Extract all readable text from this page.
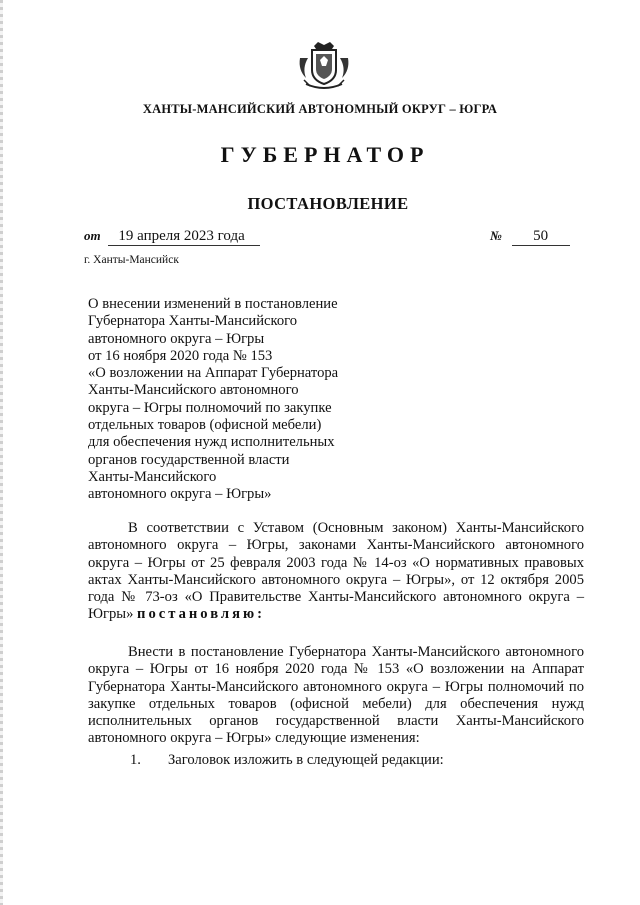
ХАНТЫ-МАНСИЙСКИЙ АВТОНОМНЫЙ ОКРУГ – ЮГРА
ГУБЕРНАТОР
ПОСТАНОВЛЕНИЕ
от 19 апреля 2023 года	№ 50
г. Ханты-Мансийск
О внесении изменений в постановление
Губернатора Ханты-Мансийского
автономного округа – Югры
от 16 ноября 2020 года № 153
«О возложении на Аппарат Губернатора
Ханты-Мансийского автономного
округа – Югры полномочий по закупке
отдельных товаров (офисной мебели)
для обеспечения нужд исполнительных
органов государственной власти
Ханты-Мансийского
автономного округа – Югры»
В соответствии с Уставом (Основным законом) Ханты-Мансийского автономного округа – Югры, законами Ханты-Мансийского автономного округа – Югры от 25 февраля 2003 года № 14-оз «О нормативных правовых актах Ханты-Мансийского автономного округа – Югры», от 12 октября 2005 года № 73-оз «О Правительстве Ханты-Мансийского автономного округа – Югры» постановляю:
Внести в постановление Губернатора Ханты-Мансийского автономного округа – Югры от 16 ноября 2020 года № 153 «О возложении на Аппарат Губернатора Ханты-Мансийского автономного округа – Югры полномочий по закупке отдельных товаров (офисной мебели) для обеспечения нужд исполнительных органов государственной власти Ханты-Мансийского автономного округа – Югры» следующие изменения:
1. Заголовок изложить в следующей редакции:
